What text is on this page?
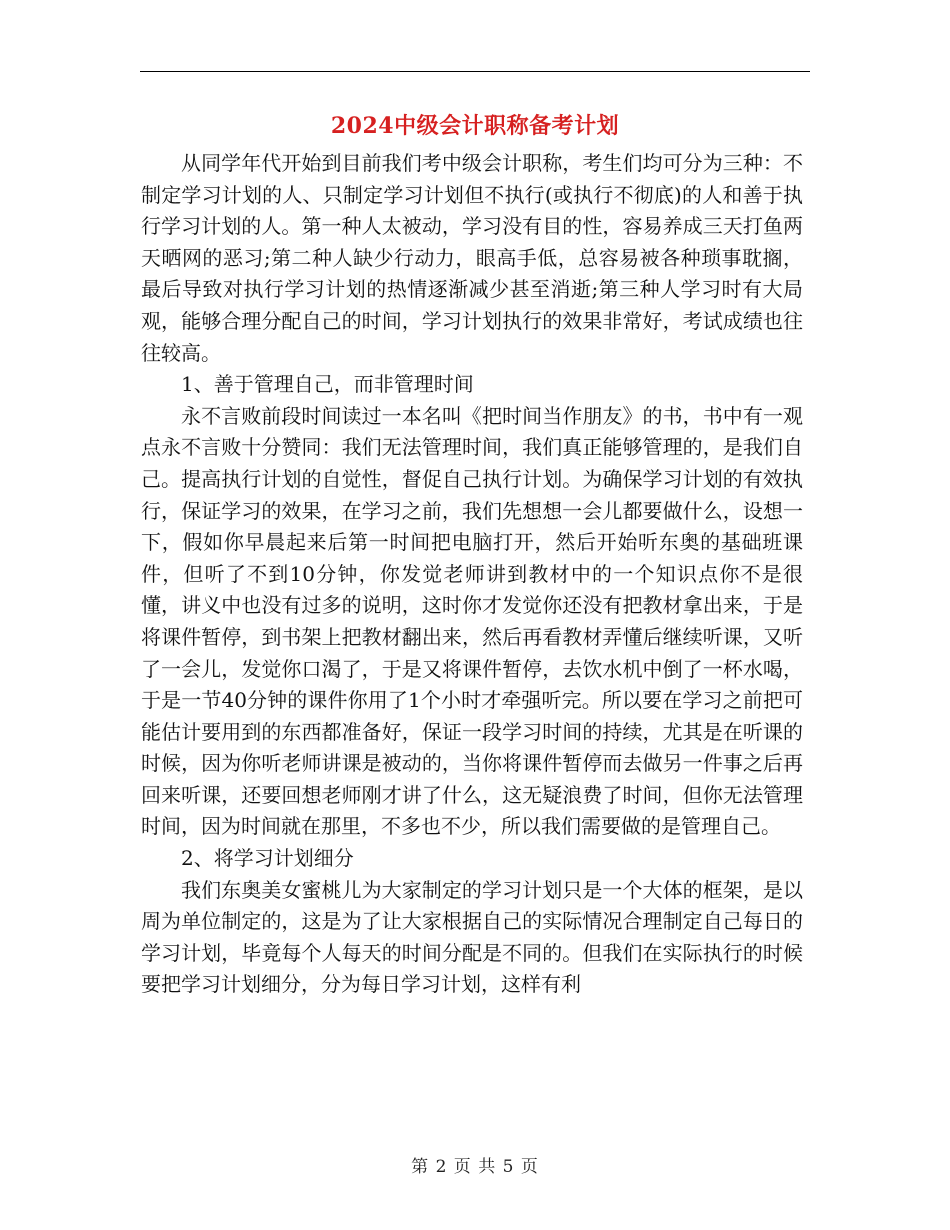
2024中级会计职称备考计划

从同学年代开始到目前我们考中级会计职称，考生们均可分为三种：不制定学习计划的人、只制定学习计划但不执行(或执行不彻底)的人和善于执行学习计划的人。第一种人太被动，学习没有目的性，容易养成三天打鱼两天晒网的恶习;第二种人缺少行动力，眼高手低，总容易被各种琐事耽搁，最后导致对执行学习计划的热情逐渐减少甚至消逝;第三种人学习时有大局观，能够合理分配自己的时间，学习计划执行的效果非常好，考试成绩也往往较高。

1、善于管理自己，而非管理时间

永不言败前段时间读过一本名叫《把时间当作朋友》的书，书中有一观点永不言败十分赞同：我们无法管理时间，我们真正能够管理的，是我们自己。提高执行计划的自觉性，督促自己执行计划。为确保学习计划的有效执行，保证学习的效果，在学习之前，我们先想想一会儿都要做什么，设想一下，假如你早晨起来后第一时间把电脑打开，然后开始听东奥的基础班课件，但听了不到10分钟，你发觉老师讲到教材中的一个知识点你不是很懂，讲义中也没有过多的说明，这时你才发觉你还没有把教材拿出来，于是将课件暂停，到书架上把教材翻出来，然后再看教材弄懂后继续听课，又听了一会儿，发觉你口渴了，于是又将课件暂停，去饮水机中倒了一杯水喝，于是一节40分钟的课件你用了1个小时才牵强听完。所以要在学习之前把可能估计要用到的东西都准备好，保证一段学习时间的持续，尤其是在听课的时候，因为你听老师讲课是被动的，当你将课件暂停而去做另一件事之后再回来听课，还要回想老师刚才讲了什么，这无疑浪费了时间，但你无法管理时间，因为时间就在那里，不多也不少，所以我们需要做的是管理自己。

2、将学习计划细分

我们东奥美女蜜桃儿为大家制定的学习计划只是一个大体的框架，是以周为单位制定的，这是为了让大家根据自己的实际情况合理制定自己每日的学习计划，毕竟每个人每天的时间分配是不同的。但我们在实际执行的时候要把学习计划细分，分为每日学习计划，这样有利

第 2 页 共 5 页
